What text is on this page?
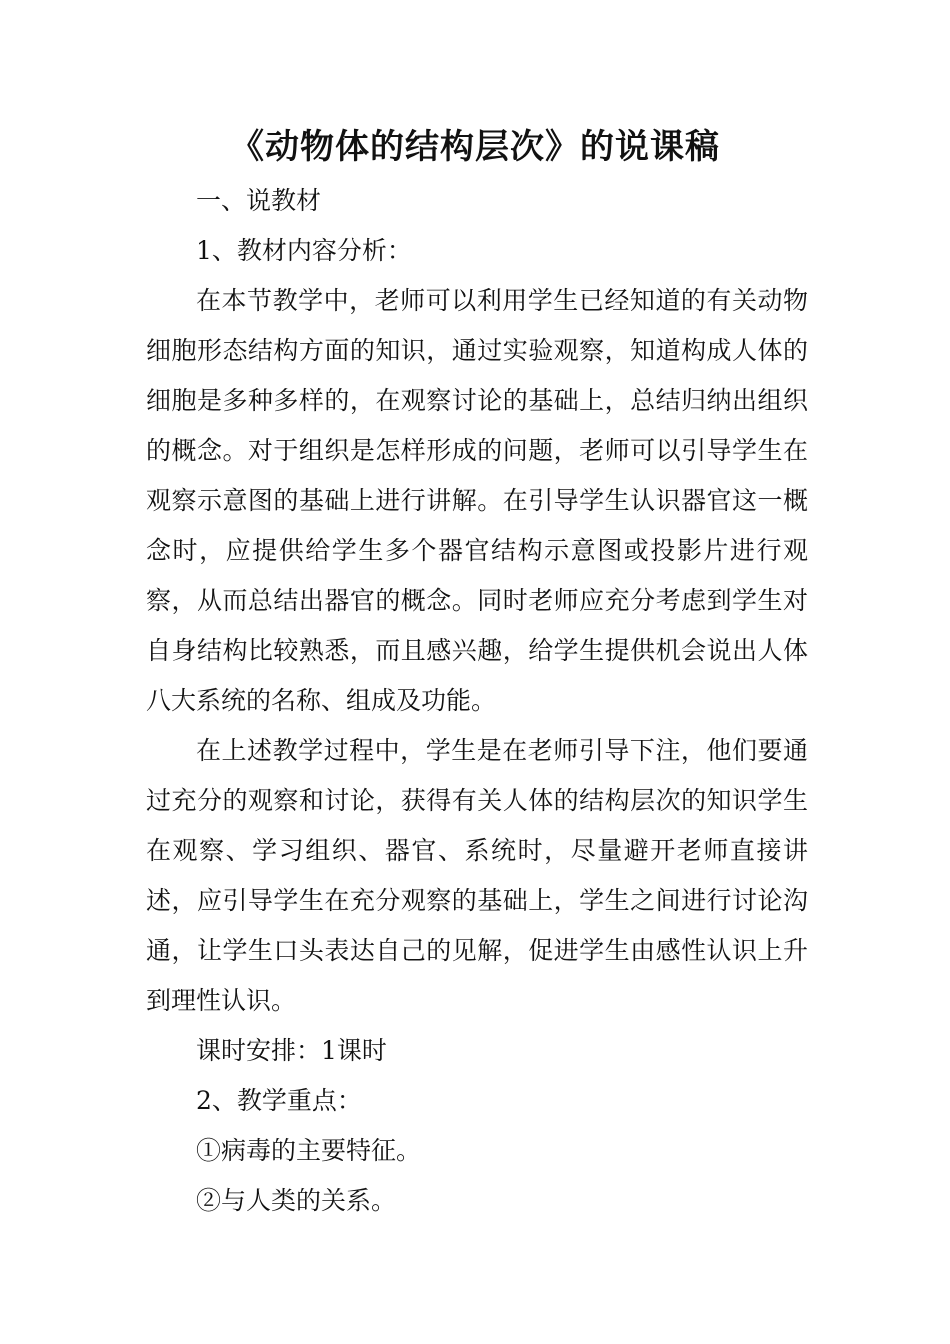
《动物体的结构层次》的说课稿

一、说教材

1、教材内容分析：

在本节教学中，老师可以利用学生已经知道的有关动物细胞形态结构方面的知识，通过实验观察，知道构成人体的细胞是多种多样的，在观察讨论的基础上，总结归纳出组织的概念。对于组织是怎样形成的问题，老师可以引导学生在观察示意图的基础上进行讲解。在引导学生认识器官这一概念时，应提供给学生多个器官结构示意图或投影片进行观察，从而总结出器官的概念。同时老师应充分考虑到学生对自身结构比较熟悉，而且感兴趣，给学生提供机会说出人体八大系统的名称、组成及功能。

在上述教学过程中，学生是在老师引导下注，他们要通过充分的观察和讨论，获得有关人体的结构层次的知识学生在观察、学习组织、器官、系统时，尽量避开老师直接讲述，应引导学生在充分观察的基础上，学生之间进行讨论沟通，让学生口头表达自己的见解，促进学生由感性认识上升到理性认识。

课时安排：1课时

2、教学重点：

①病毒的主要特征。

②与人类的关系。
